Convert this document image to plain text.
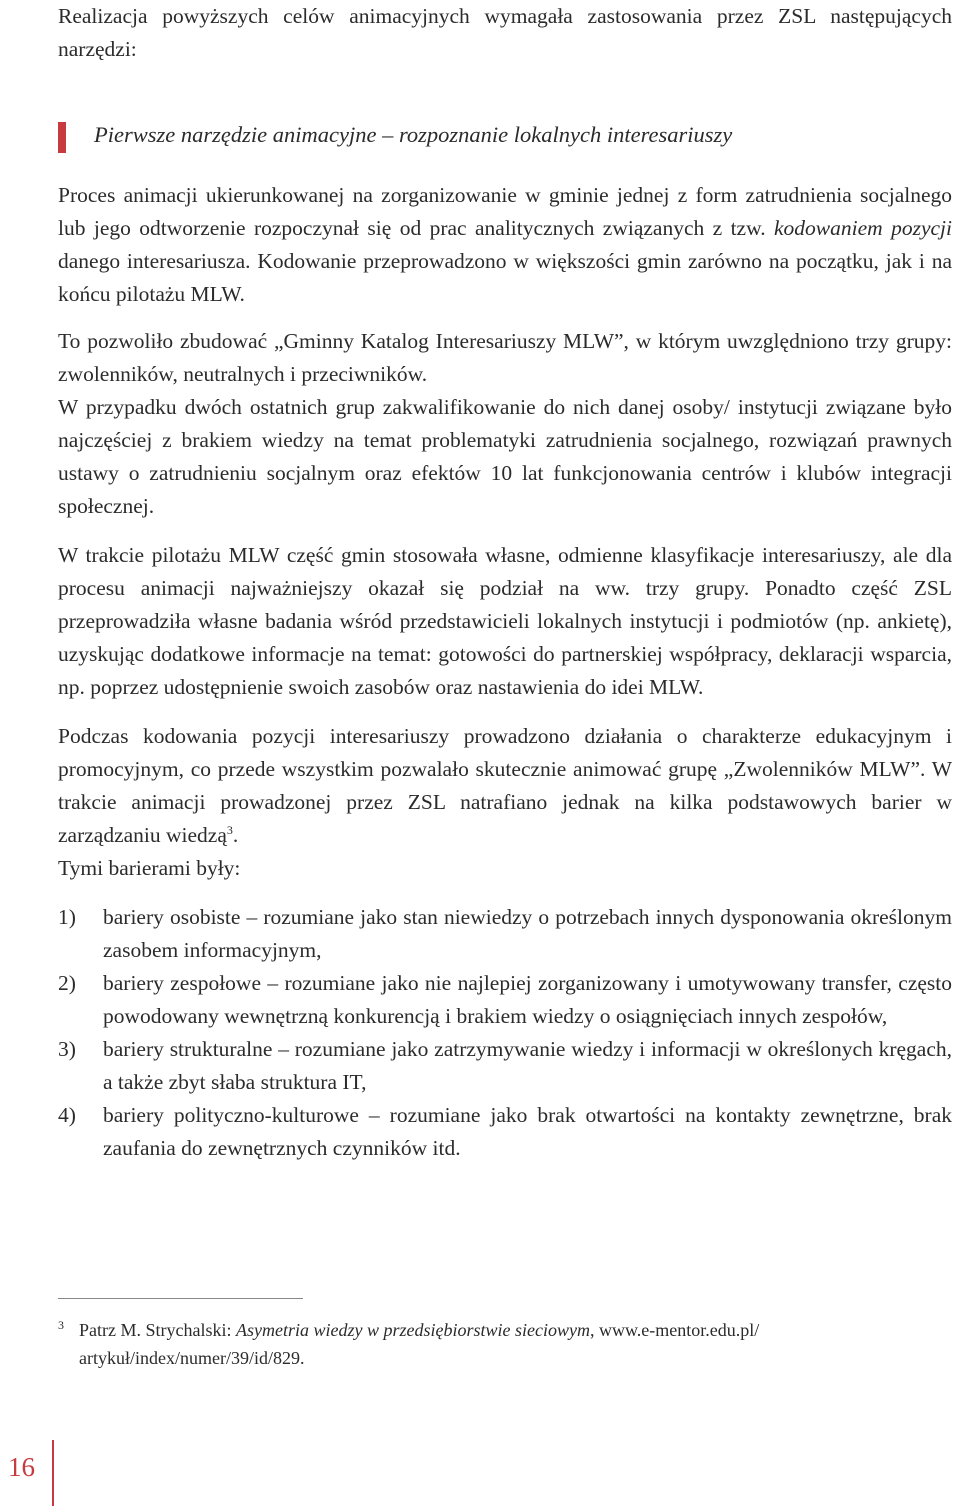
Realizacja powyższych celów animacyjnych wymagała zastosowania przez ZSL następujących narzędzi:

Pierwsze narzędzie animacyjne – rozpoznanie lokalnych interesariuszy

Proces animacji ukierunkowanej na zorganizowanie w gminie jednej z form zatrudnienia socjalnego lub jego odtworzenie rozpoczynał się od prac analitycznych związanych z tzw. kodowaniem pozycji danego interesariusza. Kodowanie przeprowadzono w większości gmin zarówno na początku, jak i na końcu pilotażu MLW.

To pozwoliło zbudować „Gminny Katalog Interesariuszy MLW”, w którym uwzględniono trzy grupy: zwolenników, neutralnych i przeciwników.

W przypadku dwóch ostatnich grup zakwalifikowanie do nich danej osoby/ instytucji związane było najczęściej z brakiem wiedzy na temat problematyki zatrudnienia socjalnego, rozwiązań prawnych ustawy o zatrudnieniu socjalnym oraz efektów 10 lat funkcjonowania centrów i klubów integracji społecznej.

W trakcie pilotażu MLW część gmin stosowała własne, odmienne klasyfikacje interesariuszy, ale dla procesu animacji najważniejszy okazał się podział na ww. trzy grupy. Ponadto część ZSL przeprowadziła własne badania wśród przedstawicieli lokalnych instytucji i podmiotów (np. ankietę), uzyskując dodatkowe informacje na temat: gotowości do partnerskiej współpracy, deklaracji wsparcia, np. poprzez udostępnienie swoich zasobów oraz nastawienia do idei MLW.

Podczas kodowania pozycji interesariuszy prowadzono działania o charakterze edukacyjnym i promocyjnym, co przede wszystkim pozwalało skutecznie animować grupę „Zwolenników MLW”. W trakcie animacji prowadzonej przez ZSL natrafiano jednak na kilka podstawowych barier w zarządzaniu wiedzą$^3$.

Tymi barierami były:

1) bariery osobiste – rozumiane jako stan niewiedzy o potrzebach innych dysponowania określonym zasobem informacyjnym,
2) bariery zespołowe – rozumiane jako nie najlepiej zorganizowany i umotywowany transfer, często powodowany wewnętrzną konkurencją i brakiem wiedzy o osiągnięciach innych zespołów,
3) bariery strukturalne – rozumiane jako zatrzymywanie wiedzy i informacji w określonych kręgach, a także zbyt słaba struktura IT,
4) bariery polityczno-kulturowe – rozumiane jako brak otwartości na kontakty zewnętrzne, brak zaufania do zewnętrznych czynników itd.
3 Patrz M. Strychalski: Asymetria wiedzy w przedsiębiorstwie sieciowym, www.e-mentor.edu.pl/ artykuł/index/numer/39/id/829.
16
